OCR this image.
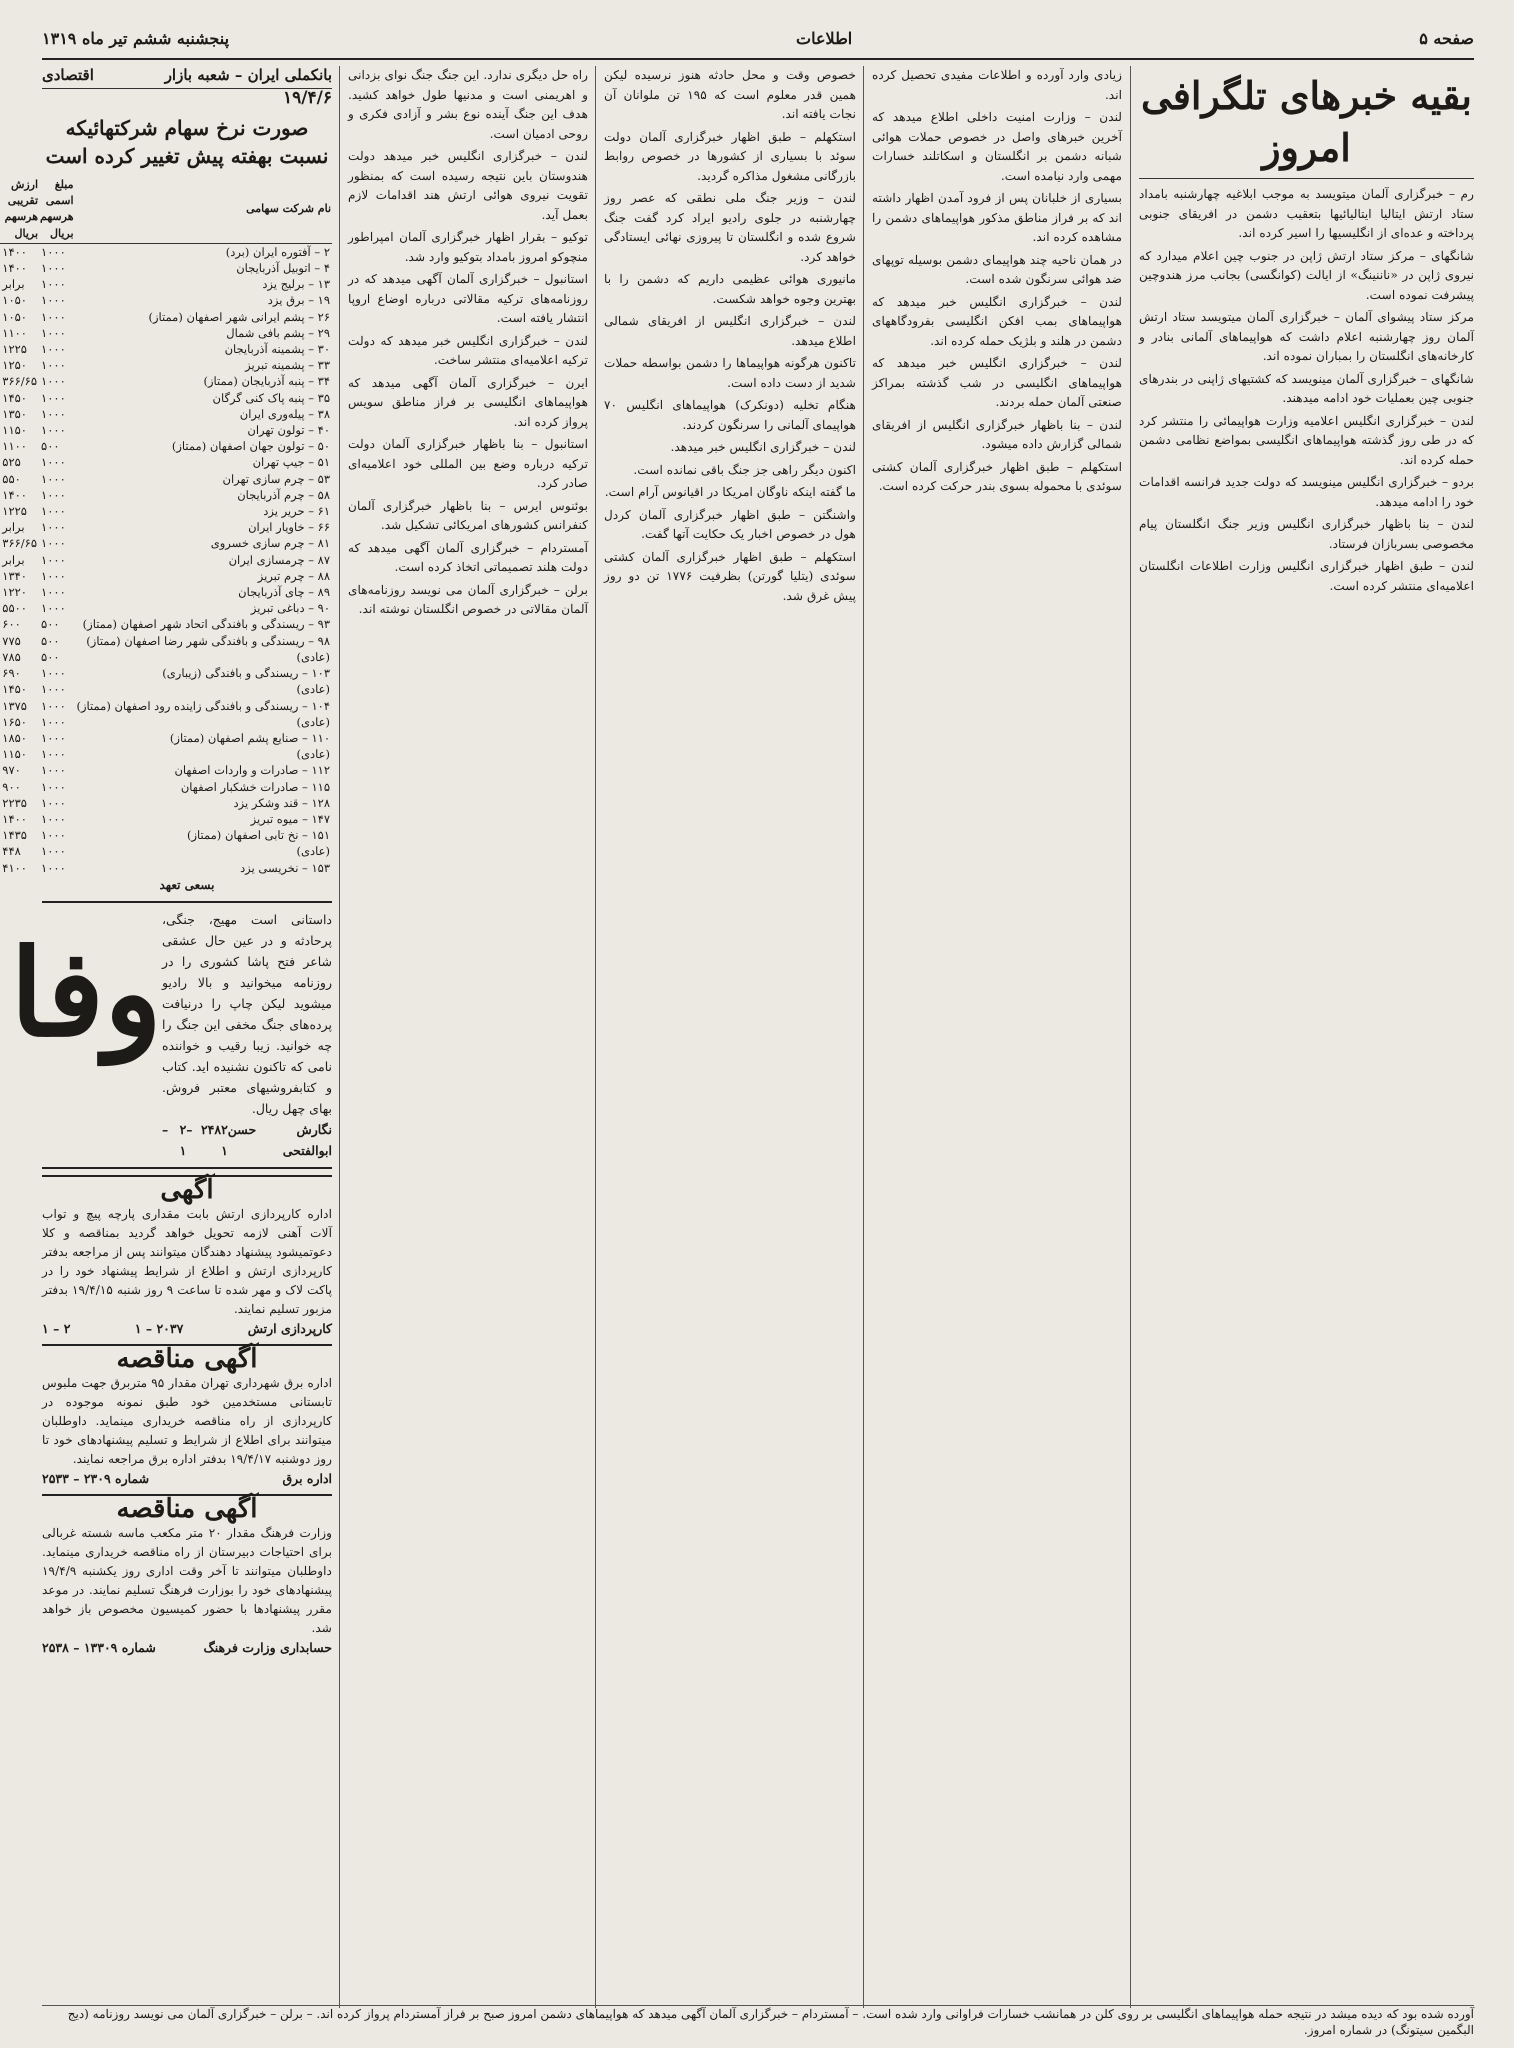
صفحه ۵
اطلاعات
پنجشنبه ششم تیر ماه ۱۳۱۹
بقیه خبرهای تلگرافی امروز

رم – خبرگزاری آلمان میتویسد به موجب ابلاغیه چهارشنبه بامداد ستاد ارتش ایتالیا ایتالیائیها بتعقیب دشمن در افریقای جنوبی پرداخته و عده‌ای از انگلیسیها را اسیر کرده اند.

شانگهای – مرکز ستاد ارتش ژاپن در جنوب چین اعلام میدارد که نیروی ژاپن در «ناننینگ» از ایالت (کوانگسی) بجانب مرز هندوچین پیشرفت نموده است.

مرکز ستاد پیشوای آلمان – خبرگزاری آلمان میتویسد ستاد ارتش آلمان روز چهارشنبه اعلام داشت که هواپیماهای آلمانی بنادر و کارخانه‌های انگلستان را بمباران نموده اند.

شانگهای – خبرگزاری آلمان مینویسد که کشتیهای ژاپنی در بندرهای جنوبی چین بعملیات خود ادامه میدهند.

لندن – خبرگزاری انگلیس اعلامیه وزارت هواپیمائی را منتشر کرد که در طی روز گذشته هواپیماهای انگلیسی بمواضع نظامی دشمن حمله کرده اند.

بردو – خبرگزاری انگلیس مینویسد که دولت جدید فرانسه اقدامات خود را ادامه میدهد.

لندن – بنا باظهار خبرگزاری انگلیس وزیر جنگ انگلستان پیام مخصوصی بسربازان فرستاد.

لندن – طبق اظهار خبرگزاری انگلیس وزارت اطلاعات انگلستان اعلامیه‌ای منتشر کرده است.

زیادی وارد آورده و اطلاعات مفیدی تحصیل کرده اند.

لندن – وزارت امنیت داخلی اطلاع میدهد که آخرین خبرهای واصل در خصوص حملات هوائی شبانه دشمن بر انگلستان و اسکاتلند خسارات مهمی وارد نیامده است.

بسیاری از خلبانان پس از فرود آمدن اظهار داشته اند که بر فراز مناطق مذکور هواپیماهای دشمن را مشاهده کرده اند.

در همان ناحیه چند هواپیمای دشمن بوسیله توپهای ضد هوائی سرنگون شده است.

لندن – خبرگزاری انگلیس خبر میدهد که هواپیماهای بمب افکن انگلیسی بفرودگاههای دشمن در هلند و بلژیک حمله کرده اند.

لندن – خبرگزاری انگلیس خبر میدهد که هواپیماهای انگلیسی در شب گذشته بمراکز صنعتی آلمان حمله بردند.

لندن – بنا باظهار خبرگزاری انگلیس از افریقای شمالی گزارش داده میشود.

استکهلم – طبق اظهار خبرگزاری آلمان کشتی سوئدی با محموله بسوی بندر حرکت کرده است.

خصوص وقت و محل حادثه هنوز نرسیده لیکن همین قدر معلوم است که ۱۹۵ تن ملوانان آن نجات یافته اند.

استکهلم – طبق اظهار خبرگزاری آلمان دولت سوئد با بسیاری از کشورها در خصوص روابط بازرگانی مشغول مذاکره گردید.

لندن – وزیر جنگ ملی نطقی که عصر روز چهارشنبه در جلوی رادیو ایراد کرد گفت جنگ شروع شده و انگلستان تا پیروزی نهائی ایستادگی خواهد کرد.

مانیوری هوائی عظیمی داریم که دشمن را با بهترین وجوه خواهد شکست.

لندن – خبرگزاری انگلیس از افریقای شمالی اطلاع میدهد.

تاکنون هرگونه هواپیماها را دشمن بواسطه حملات شدید از دست داده است.

هنگام تخلیه (دونکرک) هواپیماهای انگلیس ۷۰ هواپیمای آلمانی را سرنگون کردند.

لندن – خبرگزاری انگلیس خبر میدهد.

اکنون دیگر راهی جز جنگ باقی نمانده است.

ما گفته اینکه ناوگان امریکا در اقیانوس آرام است.

واشنگتن – طبق اظهار خبرگزاری آلمان کردل هول در خصوص اخبار یک حکایت آتها گفت.

استکهلم – طبق اظهار خبرگزاری آلمان کشتی سوئدی (یتلیا گورتن) بظرفیت ۱۷۷۶ تن دو روز پیش غرق شد.

راه حل دیگری ندارد. این جنگ جنگ نوای بزدانی و اهریمنی است و مدنیها طول خواهد کشید. هدف این جنگ آینده نوع بشر و آزادی فکری و روحی ادمیان است.

لندن – خبرگزاری انگلیس خبر میدهد دولت هندوستان باین نتیجه رسیده است که بمنظور تقویت نیروی هوائی ارتش هند اقدامات لازم بعمل آید.

توکیو – بقرار اظهار خبرگزاری آلمان امپراطور منچوکو امروز بامداد بتوکیو وارد شد.

استانبول – خبرگزاری آلمان آگهی میدهد که در روزنامه‌های ترکیه مقالاتی درباره اوضاع اروپا انتشار یافته است.

لندن – خبرگزاری انگلیس خبر میدهد که دولت ترکیه اعلامیه‌ای منتشر ساخت.

ایرن – خبرگزاری آلمان آگهی میدهد که هواپیماهای انگلیسی بر فراز مناطق سویس پرواز کرده اند.

استانبول – بنا باظهار خبرگزاری آلمان دولت ترکیه درباره وضع بین المللی خود اعلامیه‌ای صادر کرد.

بوئنوس ایرس – بنا باظهار خبرگزاری آلمان کنفرانس کشورهای امریکائی تشکیل شد.

آمستردام – خبرگزاری آلمان آگهی میدهد که دولت هلند تصمیماتی اتخاذ کرده است.

برلن – خبرگزاری آلمان می نویسد روزنامه‌های آلمان مقالاتی در خصوص انگلستان نوشته اند.

بانکملی ایران – شعبه بازار
اقتصادی
۱۹/۴/۶
صورت نرخ سهام شرکتهائیکه نسبت بهفته پیش تغییر کرده است
نام شرکت سهامی	مبلغ اسمی هرسهم بریال	ارزش تقریبی هرسهم بریال
۲ – آفتوره ایران (برد)	۱۰۰۰	۱۴۰۰
۴ – اتوبیل آذربایجان	۱۰۰۰	۱۴۰۰
۱۳ – برلیج یزد	۱۰۰۰	برابر
۱۹ – برق یزد	۱۰۰۰	۱۰۵۰
۲۶ – پشم ایرانی شهر اصفهان (ممتاز)	۱۰۰۰	۱۰۵۰
۲۹ – پشم بافی شمال	۱۰۰۰	۱۱۰۰
۳۰ – پشمینه آذربایجان	۱۰۰۰	۱۲۲۵
۳۳ – پشمینه تبریز	۱۰۰۰	۱۲۵۰
۳۴ – پنبه آذربایجان (ممتاز)	۱۰۰۰	۳۶۶/۶۵
۳۵ – پنبه پاک کنی گرگان	۱۰۰۰	۱۴۵۰
۳۸ – پیله‌وری ایران	۱۰۰۰	۱۳۵۰
۴۰ – تولون تهران	۱۰۰۰	۱۱۵۰
۵۰ – تولون جهان اصفهان (ممتاز)	۵۰۰	۱۱۰۰
۵۱ – جیپ تهران	۱۰۰۰	۵۲۵
۵۳ – چرم سازی تهران	۱۰۰۰	۵۵۰
۵۸ – چرم آذربایجان	۱۰۰۰	۱۴۰۰
۶۱ – حریر یزد	۱۰۰۰	۱۲۲۵
۶۶ – خاویار ایران	۱۰۰۰	برابر
۸۱ – چرم سازی خسروی	۱۰۰۰	۳۶۶/۶۵
۸۷ – چرمسازی ایران	۱۰۰۰	برابر
۸۸ – چرم تبریز	۱۰۰۰	۱۳۴۰
۸۹ – چای آذربایجان	۱۰۰۰	۱۲۲۰
۹۰ – دباغی تبریز	۱۰۰۰	۵۵۰۰
۹۳ – ریسندگی و بافندگی اتحاد شهر اصفهان (ممتاز)	۵۰۰	۶۰۰
۹۸ – ریسندگی و بافندگی شهر رضا اصفهان (ممتاز)	۵۰۰	۷۷۵
(عادی)	۵۰۰	۷۸۵
۱۰۳ – ریسندگی و بافندگی (زیباری)	۱۰۰۰	۶۹۰
(عادی)	۱۰۰۰	۱۴۵۰
۱۰۴ – ریسندگی و بافندگی زاینده رود اصفهان (ممتاز)	۱۰۰۰	۱۳۷۵
(عادی)	۱۰۰۰	۱۶۵۰
۱۱۰ – صنایع پشم اصفهان (ممتاز)	۱۰۰۰	۱۸۵۰
(عادی)	۱۰۰۰	۱۱۵۰
۱۱۲ – صادرات و واردات اصفهان	۱۰۰۰	۹۷۰
۱۱۵ – صادرات خشکبار اصفهان	۱۰۰۰	۹۰۰
۱۲۸ – قند وشکر یزد	۱۰۰۰	۲۲۳۵
۱۴۷ – میوه تبریز	۱۰۰۰	۱۴۰۰
۱۵۱ – نخ تابی اصفهان (ممتاز)	۱۰۰۰	۱۴۳۵
(عادی)	۱۰۰۰	۴۴۸
۱۵۳ – نخریسی یزد	۱۰۰۰	۴۱۰۰
بسعی تعهد
داستانی است مهیج، جنگی، پرحادثه و در عین حال عشقی شاعر فتح پاشا کشوری را در روزنامه میخوانید و بالا رادیو میشوید لیکن چاپ را درنیافت پرده‌های جنگ مخفی این جنگ را چه خوانید. زیبا رقیب و خواننده نامی که تاکنون نشنیده اید. کتاب و کتابفروشیهای معتبر فروش. بهای چهل ریال.
نگارش حسن ابوالفتحی
۲۴۸۲ – ۱
۲ – ۱
وفا
آگهی
اداره کارپردازی ارتش بابت مقداری پارچه پیچ و تواب آلات آهنی لازمه تحویل خواهد گردید بمناقصه و کلا دعوتمیشود پیشنهاد دهندگان میتوانند پس از مراجعه بدفتر کارپردازی ارتش و اطلاع از شرایط پیشنهاد خود را در پاکت لاک و مهر شده تا ساعت ۹ روز شنبه ۱۹/۴/۱۵ بدفتر مزبور تسلیم نمایند.
کارپردازی ارتش
۲۰۳۷ – ۱
۲ – ۱
آگهی مناقصه
اداره برق شهرداری تهران مقدار ۹۵ متربرق جهت ملبوس تابستانی مستخدمین خود طبق نمونه موجوده در کارپردازی از راه مناقصه خریداری مینماید. داوطلبان میتوانند برای اطلاع از شرایط و تسلیم پیشنهادهای خود تا روز دوشنبه ۱۹/۴/۱۷ بدفتر اداره برق مراجعه نمایند.
اداره برق
شماره ۲۳۰۹ – ۲۵۳۳
آگهی مناقصه
وزارت فرهنگ مقدار ۲۰ متر مکعب ماسه شسته غربالی برای احتیاجات دبیرستان از راه مناقصه خریداری مینماید. داوطلبان میتوانند تا آخر وقت اداری روز یکشنبه ۱۹/۴/۹ پیشنهادهای خود را بوزارت فرهنگ تسلیم نمایند. در موعد مقرر پیشنهادها با حضور کمیسیون مخصوص باز خواهد شد.
حسابداری وزارت فرهنگ
شماره ۱۳۳۰۹ – ۲۵۳۸
آورده شده بود که دیده میشد در نتیجه حمله هواپیماهای انگلیسی بر روی کلن در همانشب خسارات فراوانی وارد شده است. – آمستردام – خبرگزاری آلمان آگهی میدهد که هواپیماهای دشمن امروز صبح بر فراز آمستردام پرواز کرده اند. – برلن – خبرگزاری آلمان می نویسد روزنامه (دیج البگمین سیتونگ) در شماره امروز.
